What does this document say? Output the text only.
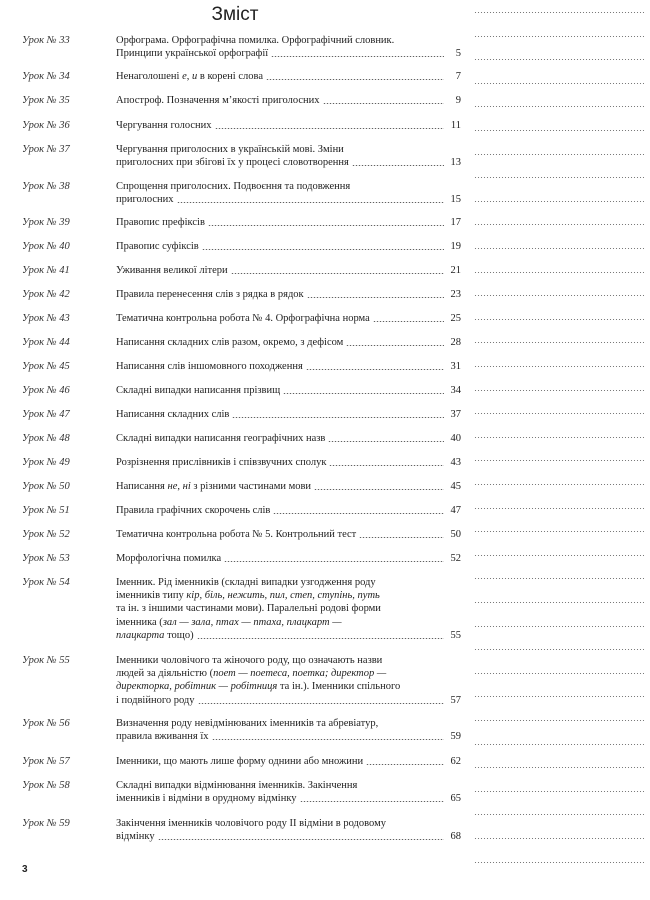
Зміст
Урок № 33	Орфограма. Орфографічна помилка. Орфографічний словник.
Принципи української орфографії	5
Урок № 34	Ненаголошені е, и в корені слова	7
Урок № 35	Апостроф. Позначення м’якості приголосних	9
Урок № 36	Чергування голосних	11
Урок № 37	Чергування приголосних в українській мові. Зміни
приголосних при збігові їх у процесі словотворення	13
Урок № 38	Спрощення приголосних. Подвоєння та подовження
приголосних	15
Урок № 39	Правопис префіксів	17
Урок № 40	Правопис суфіксів	19
Урок № 41	Уживання великої літери	21
Урок № 42	Правила перенесення слів з рядка в рядок	23
Урок № 43	Тематична контрольна робота № 4. Орфографічна норма	25
Урок № 44	Написання складних слів разом, окремо, з дефісом	28
Урок № 45	Написання слів іншомовного походження	31
Урок № 46	Складні випадки написання прізвищ	34
Урок № 47	Написання складних слів	37
Урок № 48	Складні випадки написання географічних назв	40
Урок № 49	Розрізнення прислівників і співзвучних сполук	43
Урок № 50	Написання не, ні з різними частинами мови	45
Урок № 51	Правила графічних скорочень слів	47
Урок № 52	Тематична контрольна робота № 5. Контрольний тест	50
Урок № 53	Морфологічна помилка	52
Урок № 54	Іменник. Рід іменників (складні випадки узгодження роду
іменників типу кір, біль, нежить, пил, степ, ступінь, путь
та ін. з іншими частинами мови). Паралельні родові форми
іменника (зал — зала, птах — птаха, плацкарт —
плацкарта тощо)	55
Урок № 55	Іменники чоловічого та жіночого роду, що означають назви
людей за діяльністю (поет — поетеса, поетка; директор —
директорка, робітник — робітниця та ін.). Іменники спільного
і подвійного роду	57
Урок № 56	Визначення роду невідмінюваних іменників та абревіатур,
правила вживання їх	59
Урок № 57	Іменники, що мають лише форму однини або множини	62
Урок № 58	Складні випадки відмінювання іменників. Закінчення
іменників і відміни в орудному відмінку	65
Урок № 59	Закінчення іменників чоловічого роду II відміни в родовому
відмінку	68
3
